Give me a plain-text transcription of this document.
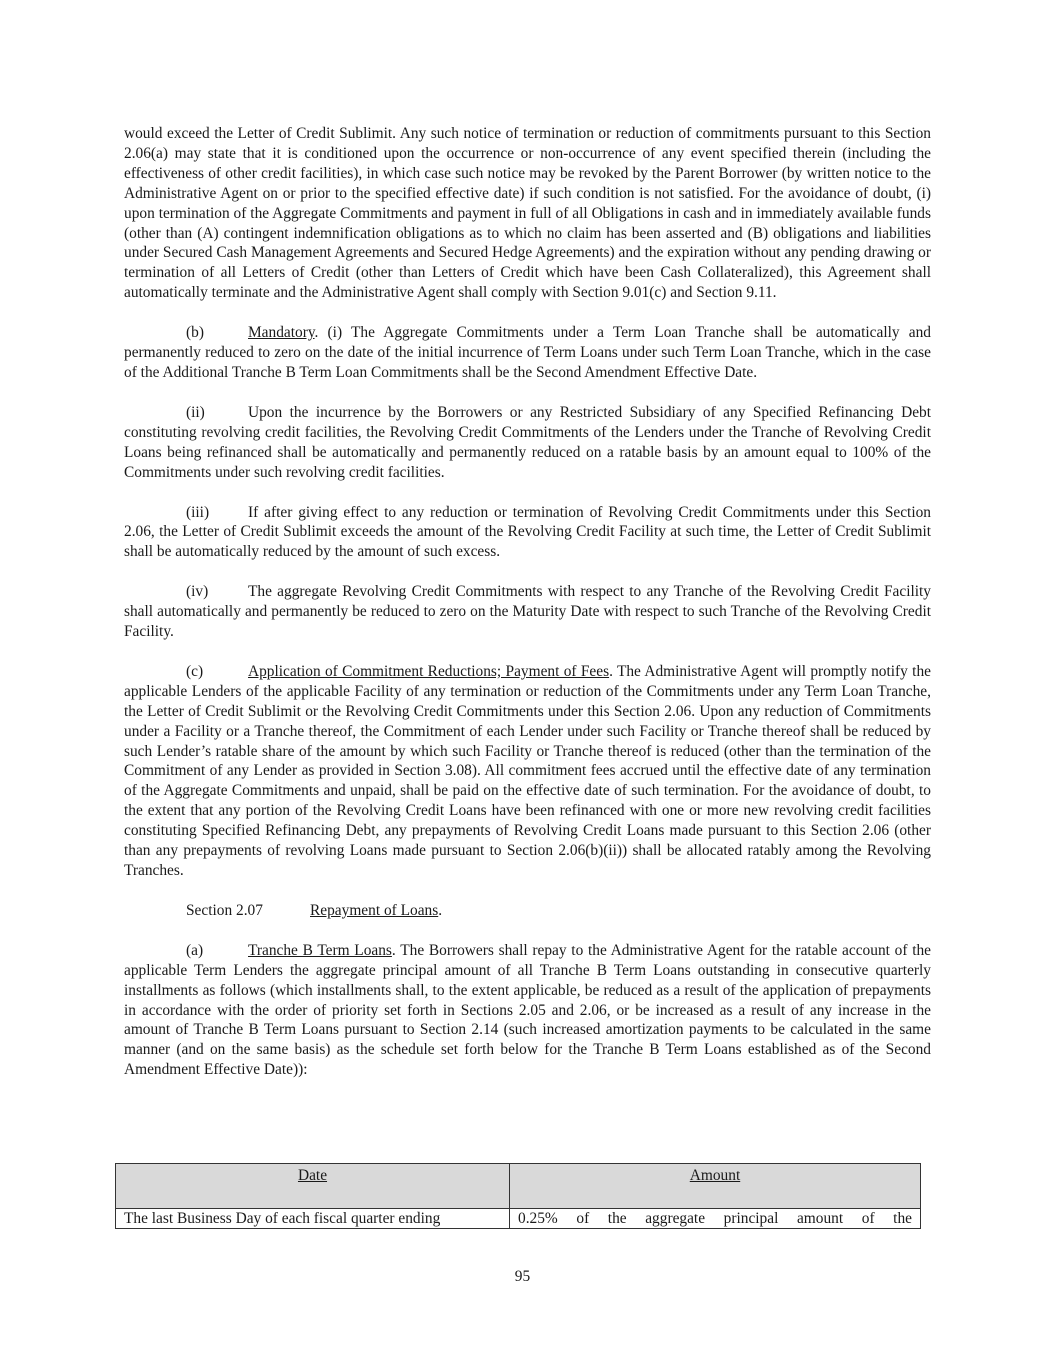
would exceed the Letter of Credit Sublimit. Any such notice of termination or reduction of commitments pursuant to this Section 2.06(a) may state that it is conditioned upon the occurrence or non-occurrence of any event specified therein (including the effectiveness of other credit facilities), in which case such notice may be revoked by the Parent Borrower (by written notice to the Administrative Agent on or prior to the specified effective date) if such condition is not satisfied. For the avoidance of doubt, (i) upon termination of the Aggregate Commitments and payment in full of all Obligations in cash and in immediately available funds (other than (A) contingent indemnification obligations as to which no claim has been asserted and (B) obligations and liabilities under Secured Cash Management Agreements and Secured Hedge Agreements) and the expiration without any pending drawing or termination of all Letters of Credit (other than Letters of Credit which have been Cash Collateralized), this Agreement shall automatically terminate and the Administrative Agent shall comply with Section 9.01(c) and Section 9.11.

(b)	Mandatory. (i) The Aggregate Commitments under a Term Loan Tranche shall be automatically and permanently reduced to zero on the date of the initial incurrence of Term Loans under such Term Loan Tranche, which in the case of the Additional Tranche B Term Loan Commitments shall be the Second Amendment Effective Date.

(ii)	Upon the incurrence by the Borrowers or any Restricted Subsidiary of any Specified Refinancing Debt constituting revolving credit facilities, the Revolving Credit Commitments of the Lenders under the Tranche of Revolving Credit Loans being refinanced shall be automatically and permanently reduced on a ratable basis by an amount equal to 100% of the Commitments under such revolving credit facilities.

(iii)	If after giving effect to any reduction or termination of Revolving Credit Commitments under this Section 2.06, the Letter of Credit Sublimit exceeds the amount of the Revolving Credit Facility at such time, the Letter of Credit Sublimit shall be automatically reduced by the amount of such excess.

(iv)	The aggregate Revolving Credit Commitments with respect to any Tranche of the Revolving Credit Facility shall automatically and permanently be reduced to zero on the Maturity Date with respect to such Tranche of the Revolving Credit Facility.

(c)	Application of Commitment Reductions; Payment of Fees. The Administrative Agent will promptly notify the applicable Lenders of the applicable Facility of any termination or reduction of the Commitments under any Term Loan Tranche, the Letter of Credit Sublimit or the Revolving Credit Commitments under this Section 2.06. Upon any reduction of Commitments under a Facility or a Tranche thereof, the Commitment of each Lender under such Facility or Tranche thereof shall be reduced by such Lender’s ratable share of the amount by which such Facility or Tranche thereof is reduced (other than the termination of the Commitment of any Lender as provided in Section 3.08). All commitment fees accrued until the effective date of any termination of the Aggregate Commitments and unpaid, shall be paid on the effective date of such termination. For the avoidance of doubt, to the extent that any portion of the Revolving Credit Loans have been refinanced with one or more new revolving credit facilities constituting Specified Refinancing Debt, any prepayments of Revolving Credit Loans made pursuant to this Section 2.06 (other than any prepayments of revolving Loans made pursuant to Section 2.06(b)(ii)) shall be allocated ratably among the Revolving Tranches.

Section 2.07	Repayment of Loans.

(a)	Tranche B Term Loans. The Borrowers shall repay to the Administrative Agent for the ratable account of the applicable Term Lenders the aggregate principal amount of all Tranche B Term Loans outstanding in consecutive quarterly installments as follows (which installments shall, to the extent applicable, be reduced as a result of the application of prepayments in accordance with the order of priority set forth in Sections 2.05 and 2.06, or be increased as a result of any increase in the amount of Tranche B Term Loans pursuant to Section 2.14 (such increased amortization payments to be calculated in the same manner (and on the same basis) as the schedule set forth below for the Tranche B Term Loans established as of the Second Amendment Effective Date)):

Date	Amount
The last Business Day of each fiscal quarter ending	0.25% of the aggregate principal amount of the
95
